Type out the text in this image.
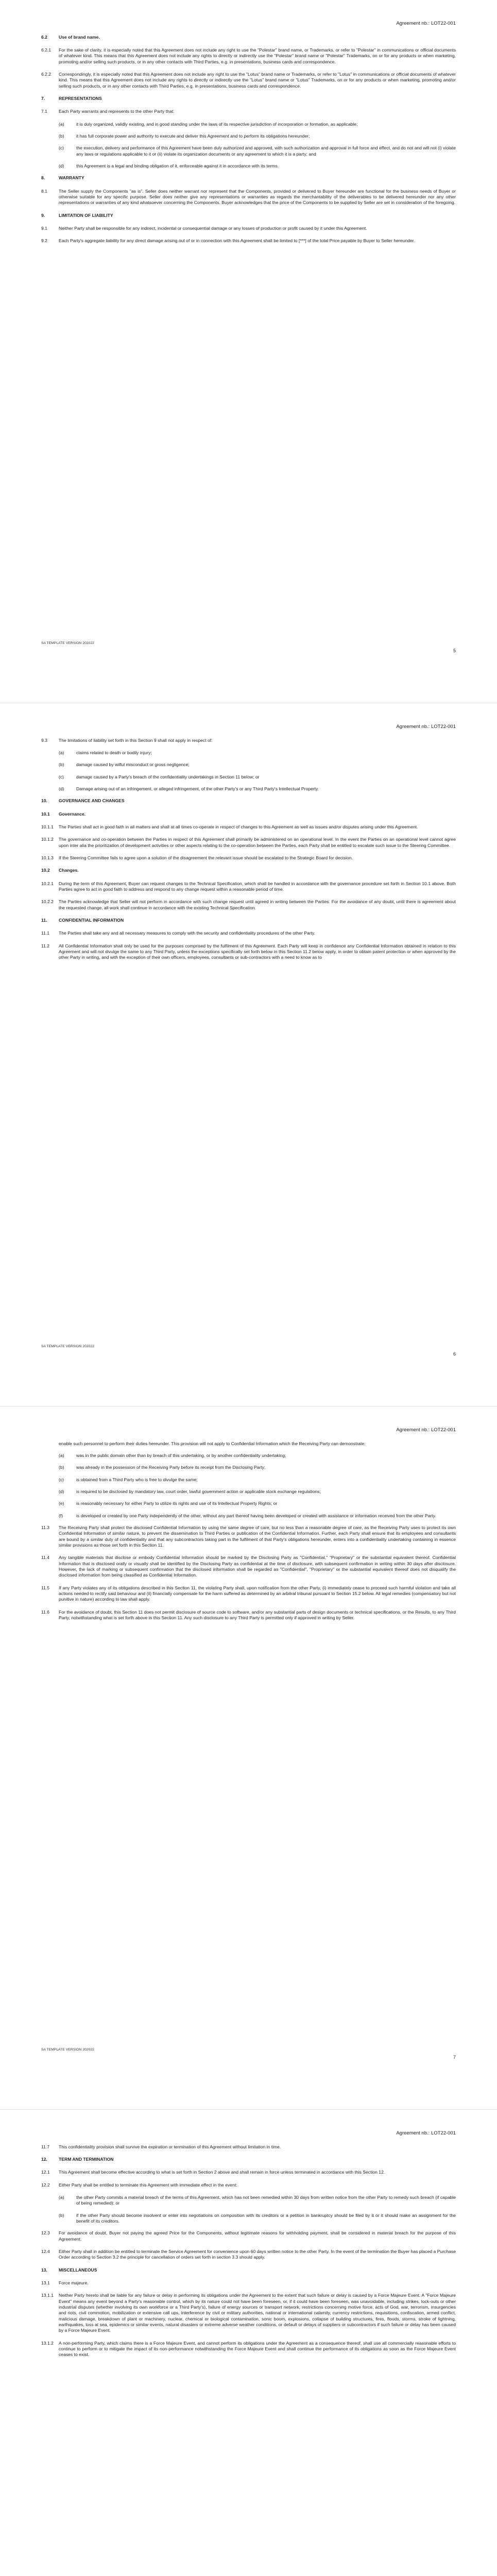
Agreement nb.: LOT22-001
6.2	Use of brand name.
6.2.1	For the sake of clarity, it is especially noted that this Agreement does not include any right to use the "Polestar" brand name, or Trademarks, or refer to "Polestar" in communications or official documents of whatever kind. This means that this Agreement does not include any rights to directly or indirectly use the "Polestar" brand name or "Polestar" Trademarks, on or for any products or when marketing, promoting and/or selling such products, or in any other contacts with Third Parties, e.g. in presentations, business cards and correspondence.
6.2.2	Correspondingly, it is especially noted that this Agreement does not include any right to use the "Lotus" brand name or Trademarks, or refer to "Lotus" in communications or official documents of whatever kind. This means that this Agreement does not include any rights to directly or indirectly use the "Lotus" brand name or "Lotus" Trademarks, on or for any products or when marketing, promoting and/or selling such products, or in any other contacts with Third Parties, e.g. in presentations, business cards and correspondence.
7.	REPRESENTATIONS
7.1	Each Party warrants and represents to the other Party that:
(a)	it is duly organized, validly existing, and in good standing under the laws of its respective jurisdiction of incorporation or formation, as applicable;
(b)	it has full corporate power and authority to execute and deliver this Agreement and to perform its obligations hereunder;
(c)	the execution, delivery and performance of this Agreement have been duly authorized and approved, with such authorization and approval in full force and effect, and do not and will not (i) violate any laws or regulations applicable to it or (ii) violate its organization documents or any agreement to which it is a party; and
(d)	this Agreement is a legal and binding obligation of it, enforceable against it in accordance with its terms.
8.	WARRANTY
8.1	The Seller supply the Components "as is". Seller does neither warrant nor represent that the Components, provided or delivered to Buyer hereunder are functional for the business needs of Buyer or otherwise suitable for any specific purpose. Seller does neither give any representations or warranties as regards the merchantability of the deliverables to be delivered hereunder nor any other representations or warranties of any kind whatsoever concerning the Components. Buyer acknowledges that the price of the Components to be supplied by Seller are set in consideration of the foregoing.
9.	LIMITATION OF LIABILITY
9.1	Neither Party shall be responsible for any indirect, incidental or consequential damage or any losses of production or profit caused by it under this Agreement.
9.2	Each Party's aggregate liability for any direct damage arising out of or in connection with this Agreement shall be limited to [***] of the total Price payable by Buyer to Seller hereunder.
SA TEMPLATE VERSION 202022
5
Agreement nb.: LOT22-001
9.3	The limitations of liability set forth in this Section 9 shall not apply in respect of:
(a)	claims related to death or bodily injury;
(b)	damage caused by wilful misconduct or gross negligence;
(c)	damage caused by a Party's breach of the confidentiality undertakings in Section 11 below; or
(d)	Damage arising out of an infringement, or alleged infringement, of the other Party's or any Third Party's Intellectual Property.
10.	GOVERNANCE AND CHANGES
10.1	Governance.
10.1.1	The Parties shall act in good faith in all matters and shall at all times co-operate in respect of changes to this Agreement as well as issues and/or disputes arising under this Agreement.
10.1.2	The governance and co-operation between the Parties in respect of this Agreement shall primarily be administered on an operational level. In the event the Parties on an operational level cannot agree upon inter alia the prioritization of development activities or other aspects relating to the co-operation between the Parties, each Party shall be entitled to escalate such issue to the Steering Committee.
10.1.3	If the Steering Committee fails to agree upon a solution of the disagreement the relevant issue should be escalated to the Strategic Board for decision.
10.2	Changes.
10.2.1	During the term of this Agreement, Buyer can request changes to the Technical Specification, which shall be handled in accordance with the governance procedure set forth in Section 10.1 above. Both Parties agree to act in good faith to address and respond to any change request within a reasonable period of time.
10.2.2	The Parties acknowledge that Seller will not perform in accordance with such change request until agreed in writing between the Parties. For the avoidance of any doubt, until there is agreement about the requested change, all work shall continue in accordance with the existing Technical Specification.
11.	CONFIDENTIAL INFORMATION
11.1	The Parties shall take any and all necessary measures to comply with the security and confidentiality procedures of the other Party.
11.2	All Confidential Information shall only be used for the purposes comprised by the fulfilment of this Agreement. Each Party will keep in confidence any Confidential Information obtained in relation to this Agreement and will not divulge the same to any Third Party, unless the exceptions specifically set forth below in this Section 11.2 below apply, in order to obtain patent protection or when approved by the other Party in writing, and with the exception of their own officers, employees, consultants or sub-contractors with a need to know as to
SA TEMPLATE VERSION 202022
6
Agreement nb.: LOT22-001
enable such personnel to perform their duties hereunder. This provision will not apply to Confidential Information which the Receiving Party can demonstrate:
(a)	was in the public domain other than by breach of this undertaking, or by another confidentiality undertaking;
(b)	was already in the possession of the Receiving Party before its receipt from the Disclosing Party;
(c)	is obtained from a Third Party who is free to divulge the same;
(d)	is required to be disclosed by mandatory law, court order, lawful government action or applicable stock exchange regulations;
(e)	is reasonably necessary for either Party to utilize its rights and use of its Intellectual Property Rights; or
(f)	is developed or created by one Party independently of the other, without any part thereof having been developed or created with assistance or information received from the other Party.
11.3	The Receiving Party shall protect the disclosed Confidential Information by using the same degree of care, but no less than a reasonable degree of care, as the Receiving Party uses to protect its own Confidential Information of similar nature, to prevent the dissemination to Third Parties or publication of the Confidential Information. Further, each Party shall ensure that its employees and consultants are bound by a similar duty of confidentiality and that any subcontractors taking part in the fulfilment of that Party's obligations hereunder, enters into a confidentiality undertaking containing in essence similar provisions as those set forth in this Section 11.
11.4	Any tangible materials that disclose or embody Confidential Information should be marked by the Disclosing Party as "Confidential," "Proprietary" or the substantial equivalent thereof. Confidential Information that is disclosed orally or visually shall be identified by the Disclosing Party as confidential at the time of disclosure, with subsequent confirmation in writing within 30 days after disclosure. However, the lack of marking or subsequent confirmation that the disclosed information shall be regarded as "Confidential", "Proprietary" or the substantial equivalent thereof does not disqualify the disclosed information from being classified as Confidential Information.
11.5	If any Party violates any of its obligations described in this Section 11, the violating Party shall, upon notification from the other Party, (i) immediately cease to proceed such harmful violation and take all actions needed to rectify said behaviour and (ii) financially compensate for the harm suffered as determined by an arbitral tribunal pursuant to Section 15.2 below. All legal remedies (compensatory but not punitive in nature) according to law shall apply.
11.6	For the avoidance of doubt, this Section 11 does not permit disclosure of source code to software, and/or any substantial parts of design documents or technical specifications, or the Results, to any Third Party, notwithstanding what is set forth above in this Section 11. Any such disclosure to any Third Party is permitted only if approved in writing by Seller.
SA TEMPLATE VERSION 202022
7
Agreement nb.: LOT22-001
11.7	This confidentiality provision shall survive the expiration or termination of this Agreement without limitation in time.
12.	TERM AND TERMINATION
12.1	This Agreement shall become effective according to what is set forth in Section 2 above and shall remain in force unless terminated in accordance with this Section 12.
12.2	Either Party shall be entitled to terminate this Agreement with immediate effect in the event:
(a)	the other Party commits a material breach of the terms of this Agreement, which has not been remedied within 30 days from written notice from the other Party to remedy such breach (if capable of being remedied); or
(b)	if the other Party should become insolvent or enter into negotiations on composition with its creditors or a petition in bankruptcy should be filed by it or it should make an assignment for the benefit of its creditors.
12.3	For avoidance of doubt, Buyer not paying the agreed Price for the Components, without legitimate reasons for withholding payment, shall be considered in material breach for the purpose of this Agreement.
12.4	Either Party shall in addition be entitled to terminate the Service Agreement for convenience upon 60 days written notice to the other Party. In the event of the termination the Buyer has placed a Purchase Order according to Section 3.2 the principle for cancellation of orders set forth in section 3.3 should apply.
13.	MISCELLANEOUS
13.1	Force majeure.
13.1.1	Neither Party hereto shall be liable for any failure or delay in performing its obligations under the Agreement to the extent that such failure or delay is caused by a Force Majeure Event. A "Force Majeure Event" means any event beyond a Party's reasonable control, which by its nature could not have been foreseen, or, if it could have been foreseen, was unavoidable, including strikes, lock-outs or other industrial disputes (whether involving its own workforce or a Third Party's), failure of energy sources or transport network, restrictions concerning motive force, acts of God, war, terrorism, insurgencies and riots, civil commotion, mobilization or extensive call ups, interference by civil or military authorities, national or international calamity, currency restrictions, requisitions, confiscation, armed conflict, malicious damage, breakdown of plant or machinery, nuclear, chemical or biological contamination, sonic boom, explosions, collapse of building structures, fires, floods, storms, stroke of lightning, earthquakes, loss at sea, epidemics or similar events, natural disasters or extreme adverse weather conditions, or default or delays of suppliers or subcontractors if such failure or delay has been caused by a Force Majeure Event.
13.1.2	A non-performing Party, which claims there is a Force Majeure Event, and cannot perform its obligations under the Agreement as a consequence thereof, shall use all commercially reasonable efforts to continue to perform or to mitigate the impact of its non-performance notwithstanding the Force Majeure Event and shall continue the performance of its obligations as soon as the Force Majeure Event ceases to exist.
